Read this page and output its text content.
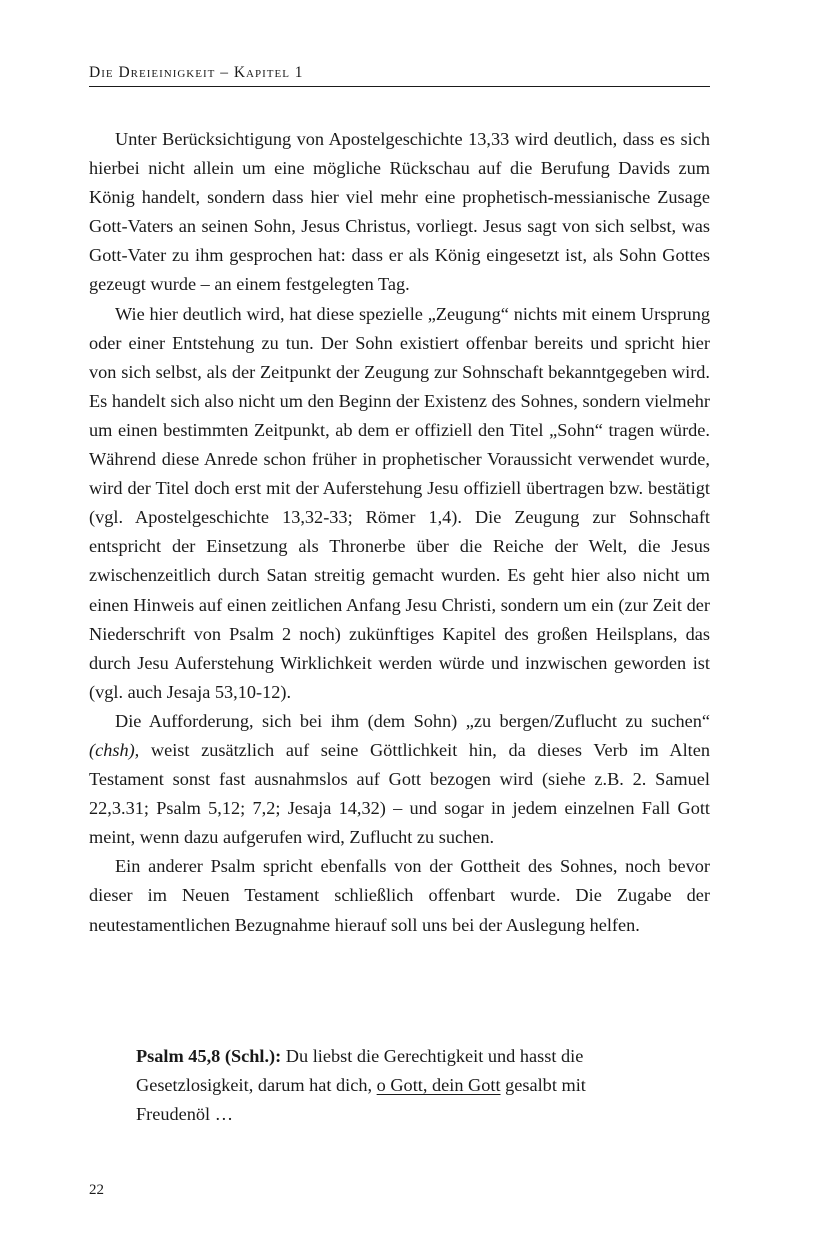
Die Dreieinigkeit – Kapitel 1

Unter Berücksichtigung von Apostelgeschichte 13,33 wird deutlich, dass es sich hierbei nicht allein um eine mögliche Rückschau auf die Berufung Davids zum König handelt, sondern dass hier viel mehr eine prophetisch-messianische Zusage Gott-Vaters an seinen Sohn, Jesus Christus, vorliegt. Jesus sagt von sich selbst, was Gott-Vater zu ihm gesprochen hat: dass er als König eingesetzt ist, als Sohn Gottes gezeugt wurde – an einem festgelegten Tag.

Wie hier deutlich wird, hat diese spezielle „Zeugung“ nichts mit einem Ursprung oder einer Entstehung zu tun. Der Sohn existiert offenbar bereits und spricht hier von sich selbst, als der Zeitpunkt der Zeugung zur Sohnschaft bekanntgegeben wird. Es handelt sich also nicht um den Beginn der Existenz des Sohnes, sondern vielmehr um einen bestimmten Zeitpunkt, ab dem er offiziell den Titel „Sohn“ tragen würde. Während diese Anrede schon früher in prophetischer Voraussicht verwendet wurde, wird der Titel doch erst mit der Auferstehung Jesu offiziell übertragen bzw. bestätigt (vgl. Apostelgeschichte 13,32-33; Römer 1,4). Die Zeugung zur Sohnschaft entspricht der Einsetzung als Thronerbe über die Reiche der Welt, die Jesus zwischenzeitlich durch Satan streitig gemacht wurden. Es geht hier also nicht um einen Hinweis auf einen zeitlichen Anfang Jesu Christi, sondern um ein (zur Zeit der Niederschrift von Psalm 2 noch) zukünftiges Kapitel des großen Heilsplans, das durch Jesu Auferstehung Wirklichkeit werden würde und inzwischen geworden ist (vgl. auch Jesaja 53,10-12).

Die Aufforderung, sich bei ihm (dem Sohn) „zu bergen/Zuflucht zu suchen“ (chsh), weist zusätzlich auf seine Göttlichkeit hin, da dieses Verb im Alten Testament sonst fast ausnahmslos auf Gott bezogen wird (siehe z.B. 2. Samuel 22,3.31; Psalm 5,12; 7,2; Jesaja 14,32) – und sogar in jedem einzelnen Fall Gott meint, wenn dazu aufgerufen wird, Zuflucht zu suchen.

Ein anderer Psalm spricht ebenfalls von der Gottheit des Sohnes, noch bevor dieser im Neuen Testament schließlich offenbart wurde. Die Zugabe der neutestamentlichen Bezugnahme hierauf soll uns bei der Auslegung helfen.

Psalm 45,8 (Schl.): Du liebst die Gerechtigkeit und hasst die Gesetzlosigkeit, darum hat dich, o Gott, dein Gott gesalbt mit Freudenöl …

22
